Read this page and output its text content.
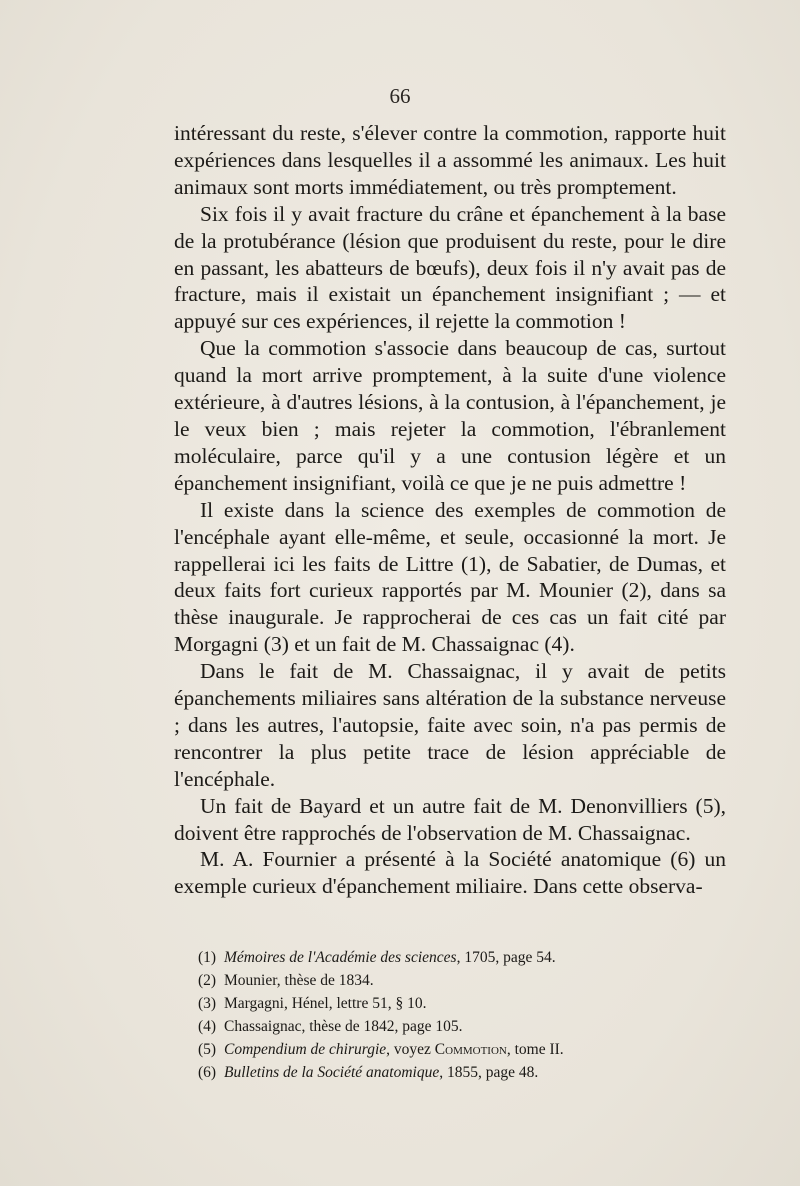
66

intéressant du reste, s'élever contre la commotion, rapporte huit expériences dans lesquelles il a assommé les animaux. Les huit animaux sont morts immédiatement, ou très promptement.

Six fois il y avait fracture du crâne et épanchement à la base de la protubérance (lésion que produisent du reste, pour le dire en passant, les abatteurs de bœufs), deux fois il n'y avait pas de fracture, mais il existait un épanchement insignifiant ; — et appuyé sur ces expériences, il rejette la commotion !

Que la commotion s'associe dans beaucoup de cas, surtout quand la mort arrive promptement, à la suite d'une violence extérieure, à d'autres lésions, à la contusion, à l'épanchement, je le veux bien ; mais rejeter la commotion, l'ébranlement moléculaire, parce qu'il y a une contusion légère et un épanchement insignifiant, voilà ce que je ne puis admettre !

Il existe dans la science des exemples de commotion de l'encéphale ayant elle-même, et seule, occasionné la mort. Je rappellerai ici les faits de Littre (1), de Sabatier, de Dumas, et deux faits fort curieux rapportés par M. Mounier (2), dans sa thèse inaugurale. Je rapprocherai de ces cas un fait cité par Morgagni (3) et un fait de M. Chassaignac (4).

Dans le fait de M. Chassaignac, il y avait de petits épanchements miliaires sans altération de la substance nerveuse ; dans les autres, l'autopsie, faite avec soin, n'a pas permis de rencontrer la plus petite trace de lésion appréciable de l'encéphale.

Un fait de Bayard et un autre fait de M. Denonvilliers (5), doivent être rapprochés de l'observation de M. Chassaignac.

M. A. Fournier a présenté à la Société anatomique (6) un exemple curieux d'épanchement miliaire. Dans cette observa-

(1) Mémoires de l'Académie des sciences, 1705, page 54.
(2) Mounier, thèse de 1834.
(3) Margagni, Hénel, lettre 51, § 10.
(4) Chassaignac, thèse de 1842, page 105.
(5) Compendium de chirurgie, voyez Commotion, tome II.
(6) Bulletins de la Société anatomique, 1855, page 48.
